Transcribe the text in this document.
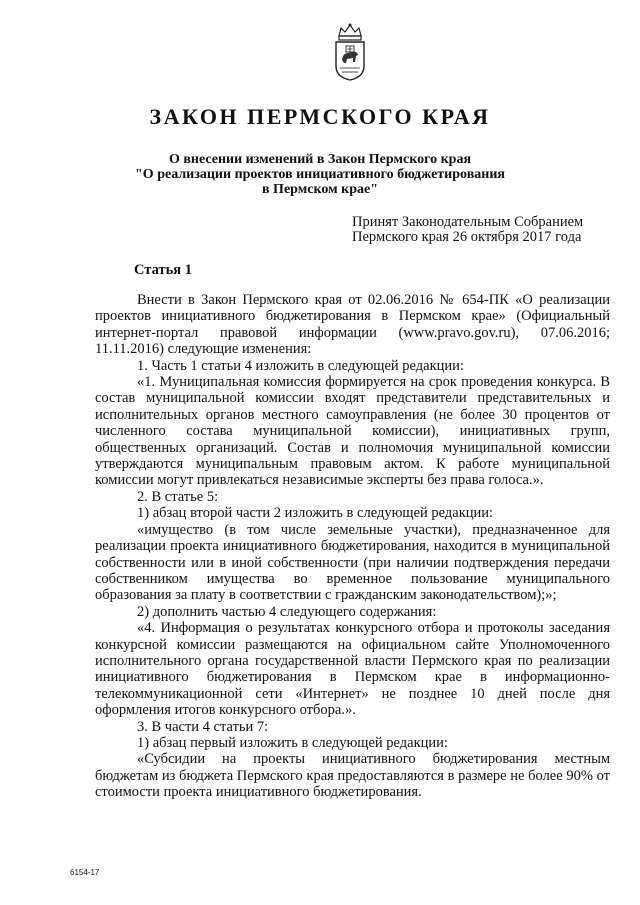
ЗАКОН ПЕРМСКОГО КРАЯ
О внесении изменений в Закон Пермского края
"О реализации проектов инициативного бюджетирования
в Пермском крае"
Принят Законодательным Собранием
Пермского края 26 октября 2017 года
Статья 1

Внести в Закон Пермского края от 02.06.2016 № 654-ПК «О реализации проектов инициативного бюджетирования в Пермском крае» (Официальный интернет-портал правовой информации (www.pravo.gov.ru), 07.06.2016; 11.11.2016) следующие изменения:

1. Часть 1 статьи 4 изложить в следующей редакции:

«1. Муниципальная комиссия формируется на срок проведения конкурса. В состав муниципальной комиссии входят представители представительных и исполнительных органов местного самоуправления (не более 30 процентов от численного состава муниципальной комиссии), инициативных групп, общественных организаций. Состав и полномочия муниципальной комиссии утверждаются муниципальным правовым актом. К работе муниципальной комиссии могут привлекаться независимые эксперты без права голоса.».

2. В статье 5:

1) абзац второй части 2 изложить в следующей редакции:

«имущество (в том числе земельные участки), предназначенное для реализации проекта инициативного бюджетирования, находится в муниципальной собственности или в иной собственности (при наличии подтверждения передачи собственником имущества во временное пользование муниципального образования за плату в соответствии с гражданским законодательством);»;

2) дополнить частью 4 следующего содержания:

«4. Информация о результатах конкурсного отбора и протоколы заседания конкурсной комиссии размещаются на официальном сайте Уполномоченного исполнительного органа государственной власти Пермского края по реализации инициативного бюджетирования в Пермском крае в информационно-телекоммуникационной сети «Интернет» не позднее 10 дней после дня оформления итогов конкурсного отбора.».

3. В части 4 статьи 7:

1) абзац первый изложить в следующей редакции:

«Субсидии на проекты инициативного бюджетирования местным бюджетам из бюджета Пермского края предоставляются в размере не более 90% от стоимости проекта инициативного бюджетирования.

6154-17
